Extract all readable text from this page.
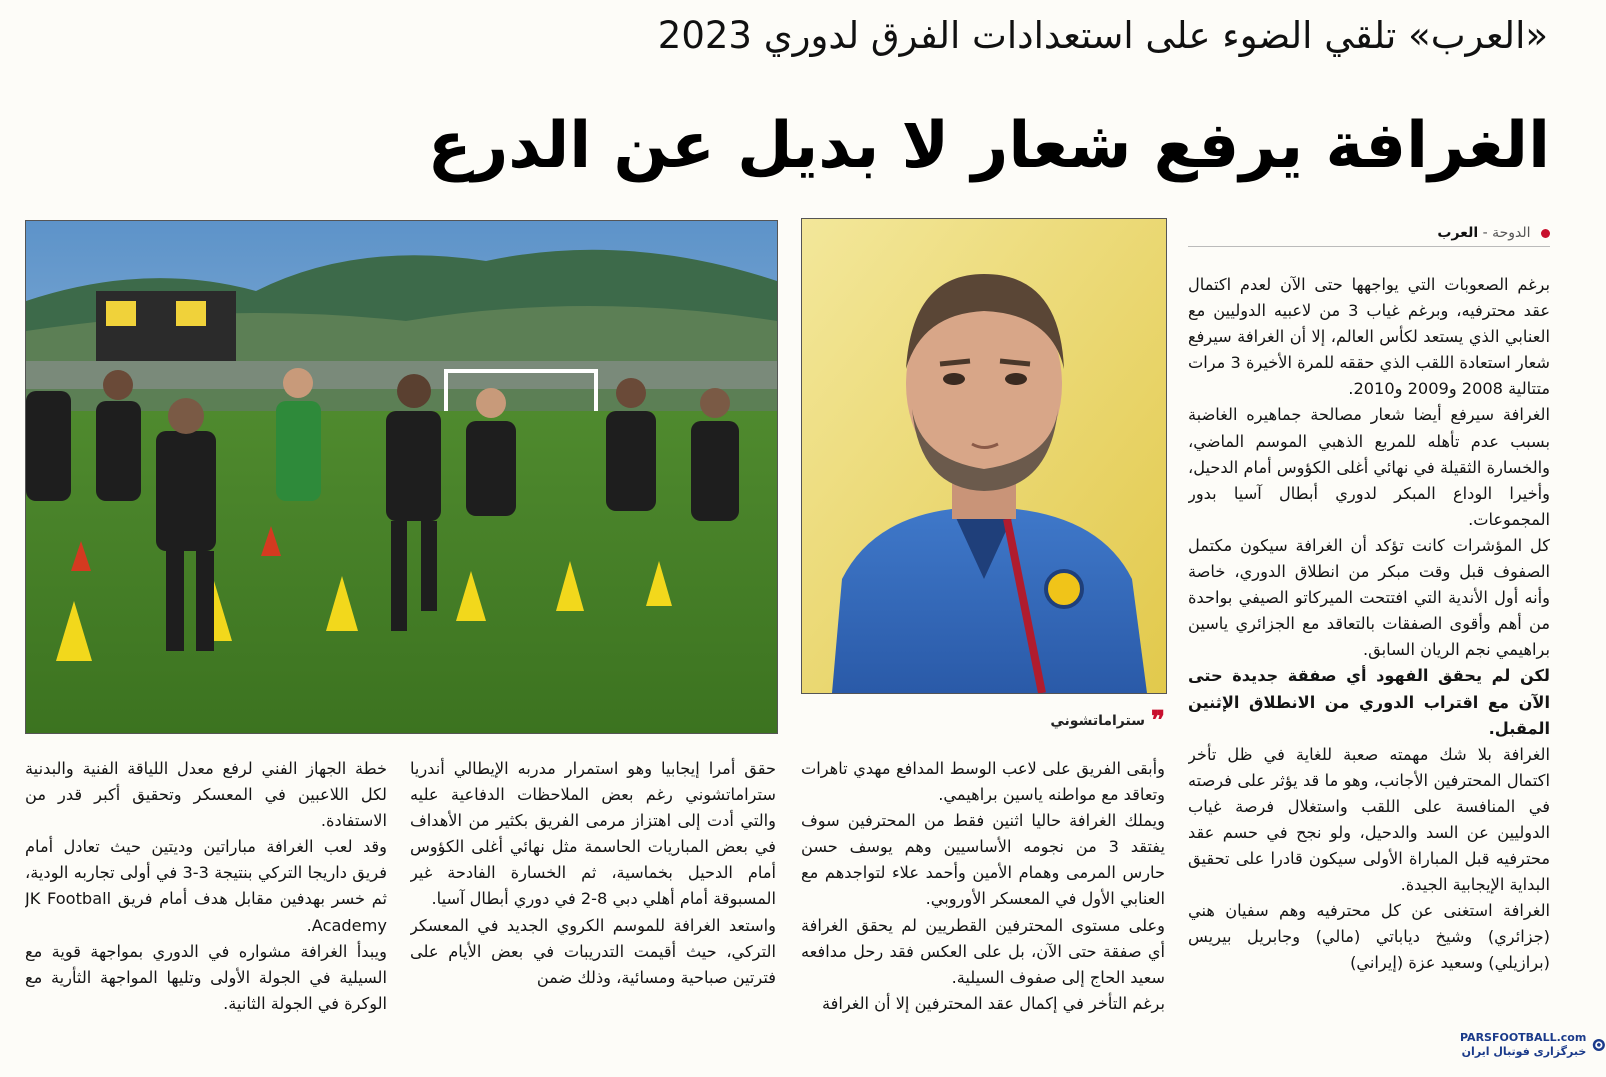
«العرب» تلقي الضوء على استعدادات الفرق لدوري 2023
الغرافة يرفع شعار لا بديل عن الدرع
الدوحة - العرب

برغم الصعوبات التي يواجهها حتى الآن لعدم اكتمال عقد محترفيه، وبرغم غياب 3 من لاعبيه الدوليين مع العنابي الذي يستعد لكأس العالم، إلا أن الغرافة سيرفع شعار استعادة اللقب الذي حققه للمرة الأخيرة 3 مرات متتالية 2008 و2009 و2010.

الغرافة سيرفع أيضا شعار مصالحة جماهيره الغاضبة بسبب عدم تأهله للمربع الذهبي الموسم الماضي، والخسارة الثقيلة في نهائي أغلى الكؤوس أمام الدحيل، وأخيرا الوداع المبكر لدوري أبطال آسيا بدور المجموعات.

كل المؤشرات كانت تؤكد أن الغرافة سيكون مكتمل الصفوف قبل وقت مبكر من انطلاق الدوري، خاصة وأنه أول الأندية التي افتتحت الميركاتو الصيفي بواحدة من أهم وأقوى الصفقات بالتعاقد مع الجزائري ياسين براهيمي نجم الريان السابق.

لكن لم يحقق الفهود أي صفقة جديدة حتى الآن مع اقتراب الدوري من الانطلاق الإثنين المقبل.

الغرافة بلا شك مهمته صعبة للغاية في ظل تأخر اكتمال المحترفين الأجانب، وهو ما قد يؤثر على فرصته في المنافسة على اللقب واستغلال فرصة غياب الدوليين عن السد والدحيل، ولو نجح في حسم عقد محترفيه قبل المباراة الأولى سيكون قادرا على تحقيق البداية الإيجابية الجيدة.

الغرافة استغنى عن كل محترفيه وهم سفيان هني (جزائري) وشيخ دياباتي (مالي) وجابريل بيريس (برازيلي) وسعيد عزة (إيراني)

❞ستراماتشوني

وأبقى الفريق على لاعب الوسط المدافع مهدي تاهرات وتعاقد مع مواطنه ياسين براهيمي.

ويملك الغرافة حاليا اثنين فقط من المحترفين سوف يفتقد 3 من نجومه الأساسيين وهم يوسف حسن حارس المرمى وهمام الأمين وأحمد علاء لتواجدهم مع العنابي الأول في المعسكر الأوروبي.

وعلى مستوى المحترفين القطريين لم يحقق الغرافة أي صفقة حتى الآن، بل على العكس فقد رحل مدافعه سعيد الحاج إلى صفوف السيلية.

برغم التأخر في إكمال عقد المحترفين إلا أن الغرافة

حقق أمرا إيجابيا وهو استمرار مدربه الإيطالي أندريا ستراماتشوني رغم بعض الملاحظات الدفاعية عليه والتي أدت إلى اهتزاز مرمى الفريق بكثير من الأهداف في بعض المباريات الحاسمة مثل نهائي أغلى الكؤوس أمام الدحيل بخماسية، ثم الخسارة الفادحة غير المسبوقة أمام أهلي دبي 8-2 في دوري أبطال آسيا.

واستعد الغرافة للموسم الكروي الجديد في المعسكر التركي، حيث أقيمت التدريبات في بعض الأيام على فترتين صباحية ومسائية، وذلك ضمن

خطة الجهاز الفني لرفع معدل اللياقة الفنية والبدنية لكل اللاعبين في المعسكر وتحقيق أكبر قدر من الاستفادة.

وقد لعب الغرافة مباراتين وديتين حيث تعادل أمام فريق داريجا التركي بنتيجة 3-3 في أولى تجاربه الودية، ثم خسر بهدفين مقابل هدف أمام فريق JK Football Academy.

ويبدأ الغرافة مشواره في الدوري بمواجهة قوية مع السيلية في الجولة الأولى وتليها المواجهة الثأرية مع الوكرة في الجولة الثانية.

PARSFOOTBALL.com
خبرگزاری فوتبال ایران
